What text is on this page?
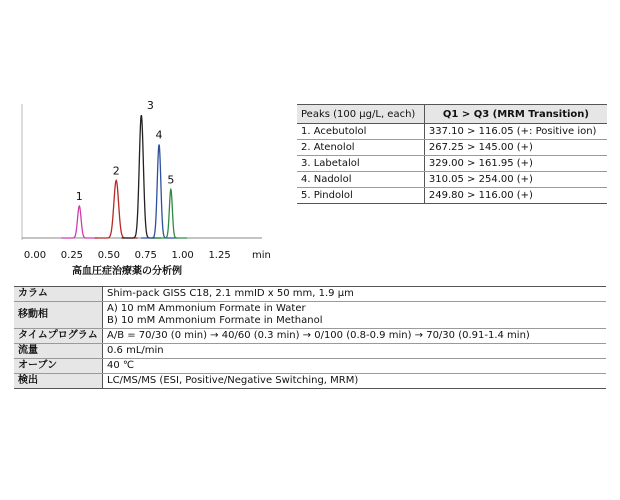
0.00 0.25 0.50 0.75 1.00 1.25 min
1
2
3
4
5
高血圧症治療薬の分析例
Peaks (100 μg/L, each)	Q1 > Q3 (MRM Transition)
1. Acebutolol	337.10 > 116.05 (+: Positive ion)
2. Atenolol	267.25 > 145.00 (+)
3. Labetalol	329.00 > 161.95 (+)
4. Nadolol	310.05 > 254.00 (+)
5. Pindolol	249.80 > 116.00 (+)
カラム	Shim-pack GISS C18, 2.1 mmID x 50 mm, 1.9 μm
移動相	A) 10 mM Ammonium Formate in Water
B) 10 mM Ammonium Formate in Methanol

タイムプログラム	A/B = 70/30 (0 min) → 40/60 (0.3 min) → 0/100 (0.8-0.9 min) → 70/30 (0.91-1.4 min)
流量	0.6 mL/min
オーブン	40 ℃
検出	LC/MS/MS (ESI, Positive/Negative Switching, MRM)
